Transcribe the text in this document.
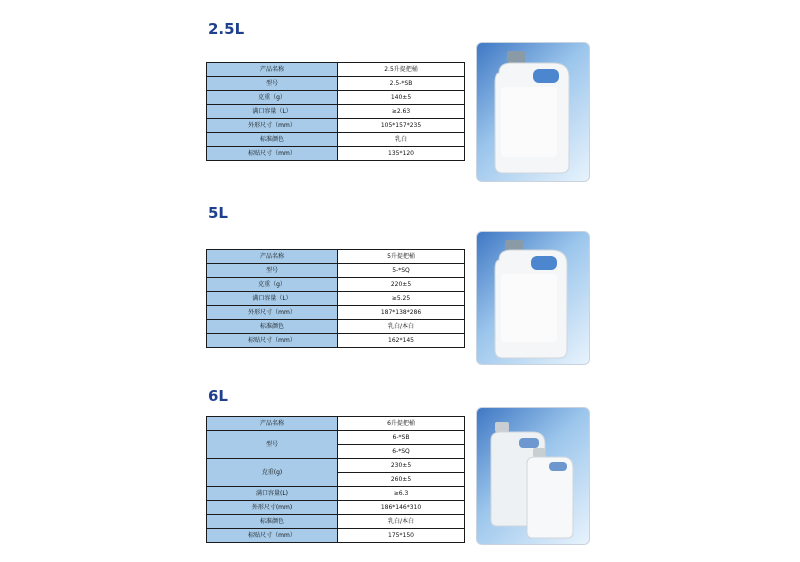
2.5L
产品名称	2.5升提把桶
型号	2.5-*SB
克重（g）	140±5
满口容量（L）	≥2.63
外形尺寸（mm）	105*157*235
标准颜色	乳白
标贴尺寸（mm）	135*120
5L
产品名称	5升提把桶
型号	5-*SQ
克重（g）	220±5
满口容量（L）	≥5.25
外形尺寸（mm）	187*138*286
标准颜色	乳白/本白
标贴尺寸（mm）	162*145
6L
产品名称	6升提把桶
型号	6-*SB
	6-*SQ
克重(g)	230±5
	260±5
满口容量(L)	≥6.3
外形尺寸(mm)	186*146*310
标准颜色	乳白/本白
标贴尺寸（mm）	175*150
